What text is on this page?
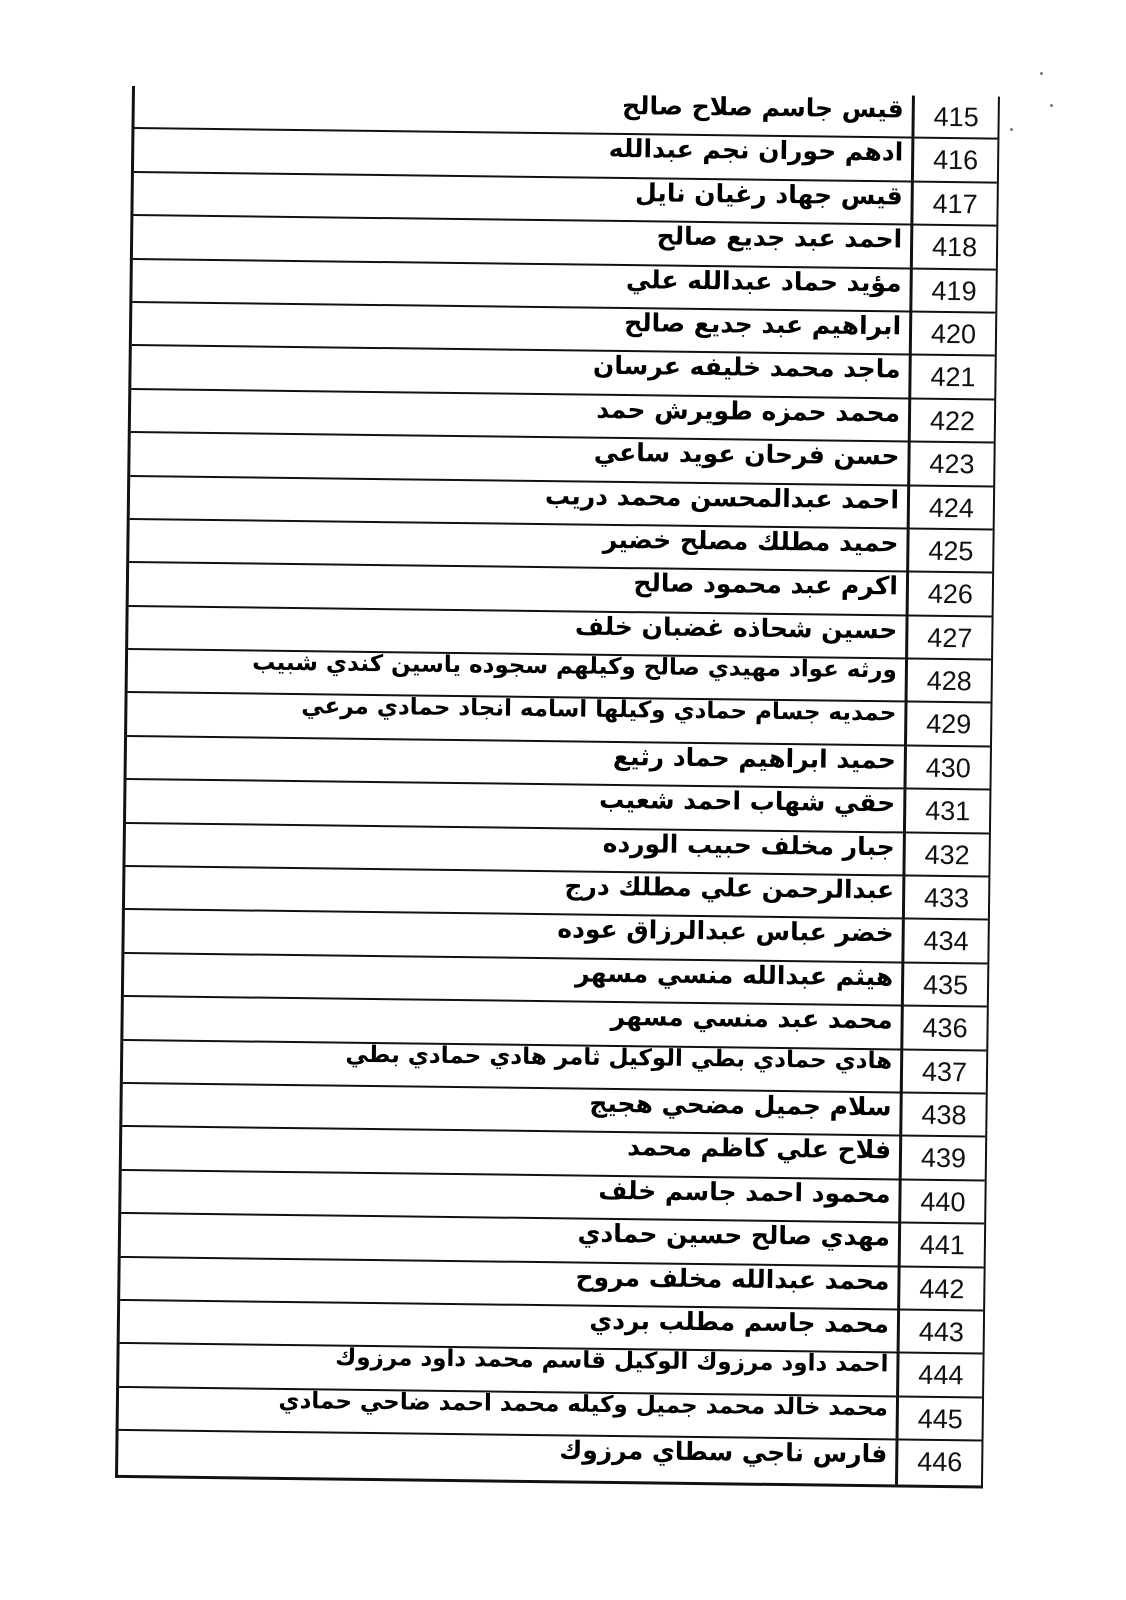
415
قيس جاسم صلاح صالح
416
ادهم حوران نجم عبدالله
417
قيس جهاد رغيان نايل
418
احمد عبد جديع صالح
419
مؤيد حماد عبدالله علي
420
ابراهيم عبد جديع صالح
421
ماجد محمد خليفه عرسان
422
محمد حمزه طويرش حمد
423
حسن فرحان عويد ساعي
424
احمد عبدالمحسن محمد دريب
425
حميد مطلك مصلح خضير
426
اكرم عبد محمود صالح
427
حسين شحاذه غضبان خلف
428
ورثه عواد مهيدي صالح وكيلهم سجوده ياسين كندي شبيب
429
حمديه جسام حمادي وكيلها اسامه انجاد حمادي مرعي
430
حميد ابراهيم حماد رثيع
431
حقي شهاب احمد شعيب
432
جبار مخلف حبيب الورده
433
عبدالرحمن علي مطلك درج
434
خضر عباس عبدالرزاق عوده
435
هيثم عبدالله منسي مسهر
436
محمد عبد منسي مسهر
437
هادي حمادي بطي الوكيل ثامر هادي حمادي بطي
438
سلام جميل مضحي هجيج
439
فلاح علي كاظم محمد
440
محمود احمد جاسم خلف
441
مهدي صالح حسين حمادي
442
محمد عبدالله مخلف مروح
443
محمد جاسم مطلب بردي
444
احمد داود مرزوك الوكيل قاسم محمد داود مرزوك
445
محمد خالد محمد جميل وكيله محمد احمد ضاحي حمادي
446
فارس ناجي سطاي مرزوك
